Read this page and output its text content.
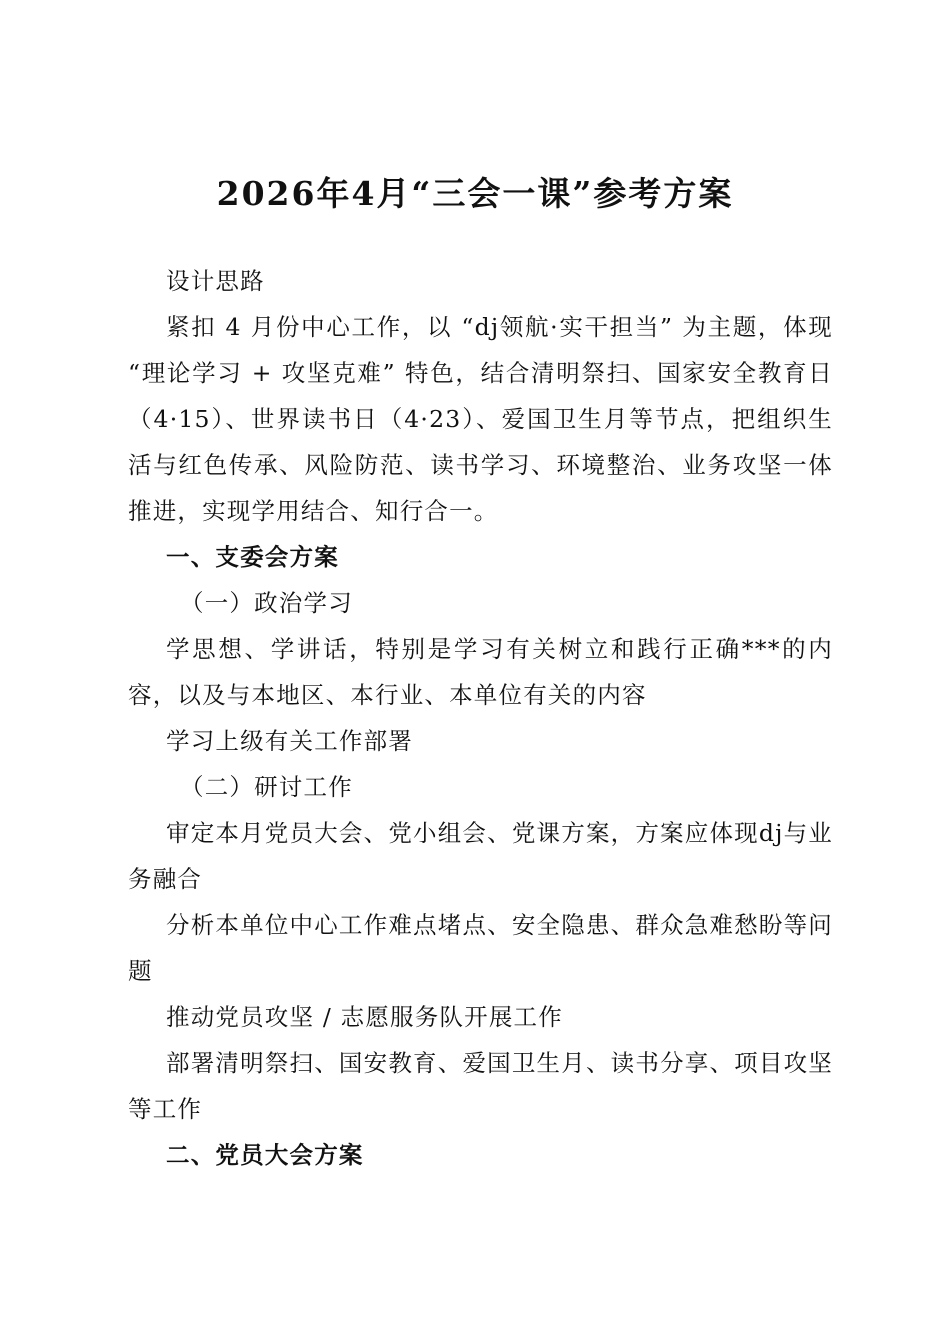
2026年4月“三会一课”参考方案

设计思路

紧扣 4 月份中心工作，以 “dj领航·实干担当” 为主题，体现 “理论学习 + 攻坚克难” 特色，结合清明祭扫、国家安全教育日（4·15）、世界读书日（4·23）、爱国卫生月等节点，把组织生活与红色传承、风险防范、读书学习、环境整治、业务攻坚一体推进，实现学用结合、知行合一。

一、支委会方案

（一）政治学习

学思想、学讲话，特别是学习有关树立和践行正确***的内容，以及与本地区、本行业、本单位有关的内容

学习上级有关工作部署

（二）研讨工作

审定本月党员大会、党小组会、党课方案，方案应体现dj与业务融合

分析本单位中心工作难点堵点、安全隐患、群众急难愁盼等问题

推动党员攻坚 / 志愿服务队开展工作

部署清明祭扫、国安教育、爱国卫生月、读书分享、项目攻坚等工作

二、党员大会方案
